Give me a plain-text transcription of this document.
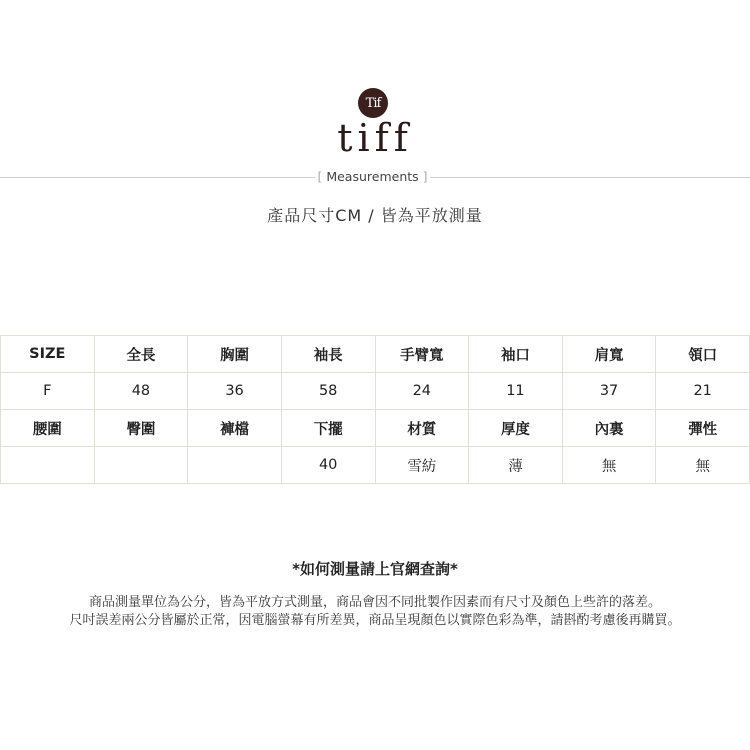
Tif
tiff
[ Measurements ]
產品尺寸CM / 皆為平放測量
SIZE	全長	胸圍	袖長	手臂寬	袖口	肩寬	領口
F	48	36	58	24	11	37	21
腰圍	臀圍	褲檔	下擺	材質	厚度	內裏	彈性
			40	雪紡	薄	無	無
*如何測量請上官網查詢*
商品測量單位為公分，皆為平放方式測量，商品會因不同批製作因素而有尺寸及顏色上些許的落差。
尺吋誤差兩公分皆屬於正常，因電腦螢幕有所差異，商品呈現顏色以實際色彩為準，請斟酌考慮後再購買。
